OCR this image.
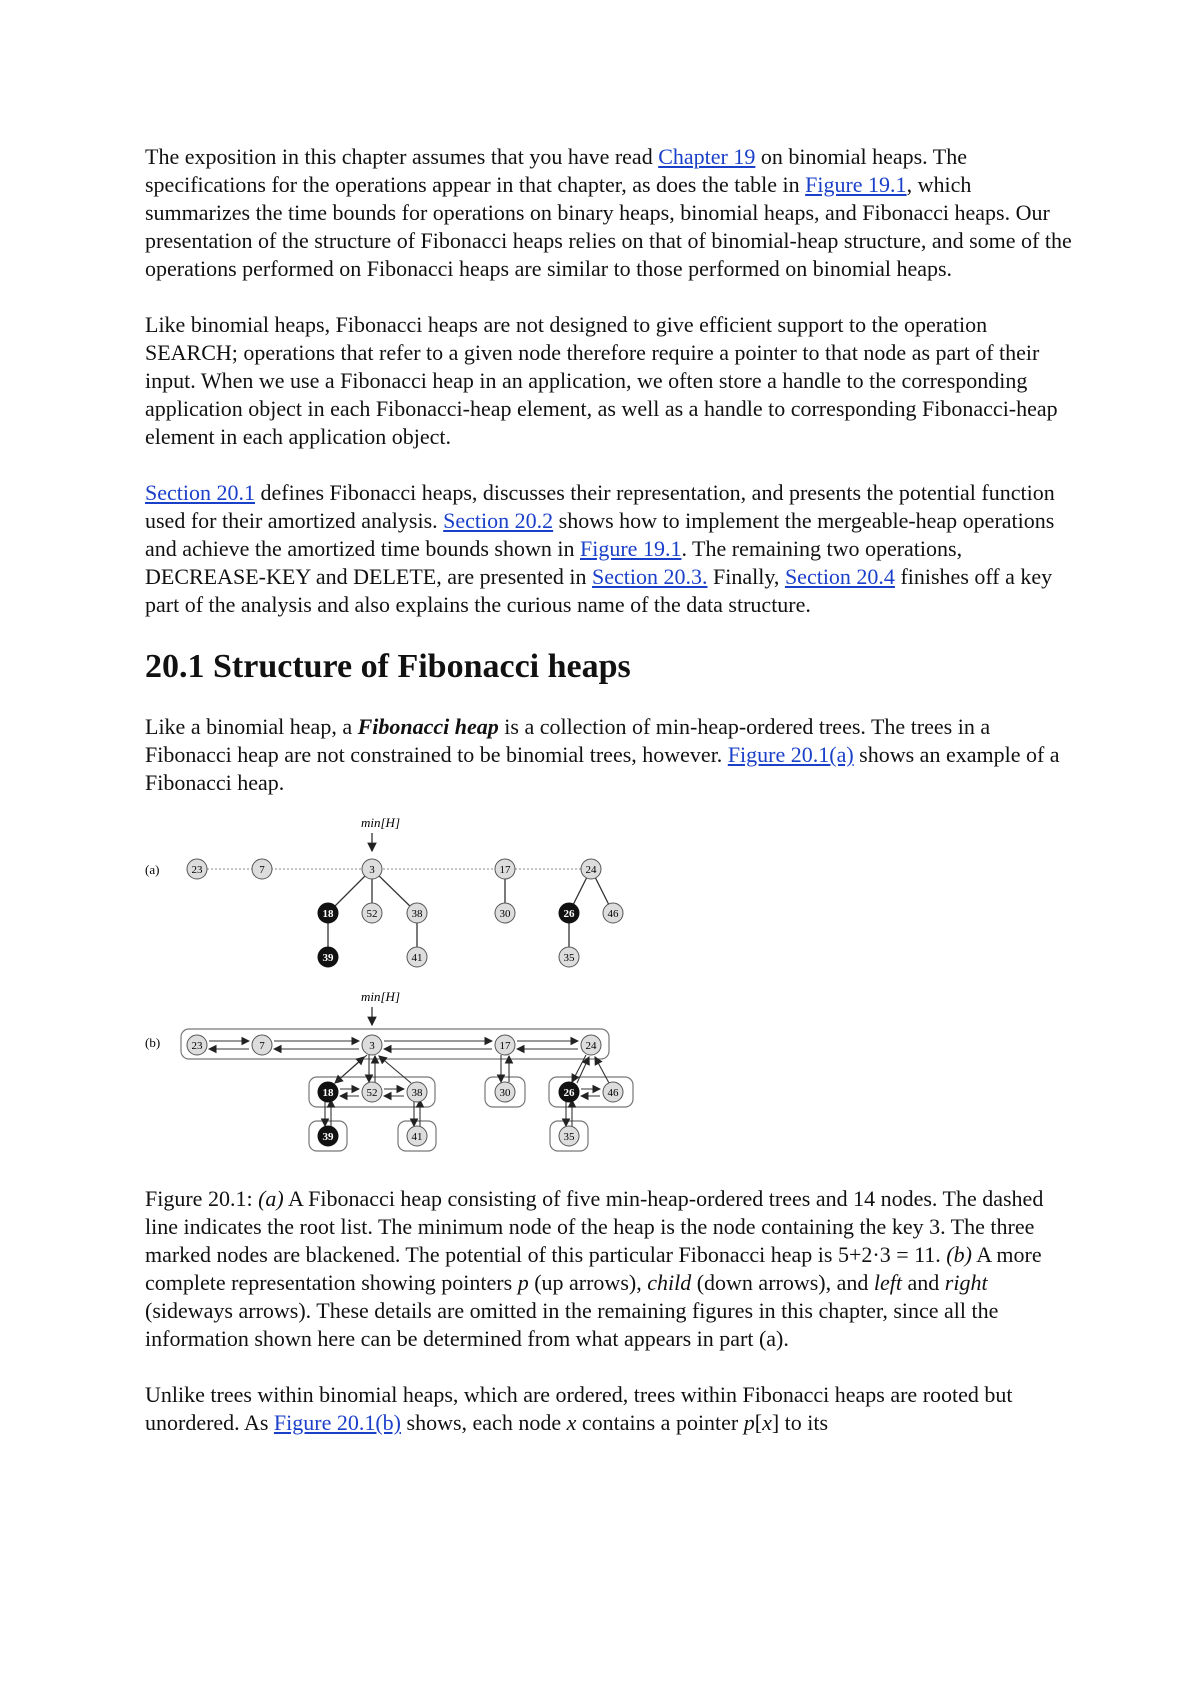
The exposition in this chapter assumes that you have read Chapter 19 on binomial heaps. The specifications for the operations appear in that chapter, as does the table in Figure 19.1, which summarizes the time bounds for operations on binary heaps, binomial heaps, and Fibonacci heaps. Our presentation of the structure of Fibonacci heaps relies on that of binomial-heap structure, and some of the operations performed on Fibonacci heaps are similar to those performed on binomial heaps.

Like binomial heaps, Fibonacci heaps are not designed to give efficient support to the operation SEARCH; operations that refer to a given node therefore require a pointer to that node as part of their input. When we use a Fibonacci heap in an application, we often store a handle to the corresponding application object in each Fibonacci-heap element, as well as a handle to corresponding Fibonacci-heap element in each application object.

Section 20.1 defines Fibonacci heaps, discusses their representation, and presents the potential function used for their amortized analysis. Section 20.2 shows how to implement the mergeable-heap operations and achieve the amortized time bounds shown in Figure 19.1. The remaining two operations, DECREASE-KEY and DELETE, are presented in Section 20.3. Finally, Section 20.4 finishes off a key part of the analysis and also explains the curious name of the data structure.

20.1 Structure of Fibonacci heaps

Like a binomial heap, a Fibonacci heap is a collection of min-heap-ordered trees. The trees in a Fibonacci heap are not constrained to be binomial trees, however. Figure 20.1(a) shows an example of a Fibonacci heap.

min[H]
(a)	23	7	3	17	24
18	52	38	30	26	46
39	41	35
min[H]
(b)	23	7	3	17	24
18	52	38	30	26	46
39	41	35

Figure 20.1: (a) A Fibonacci heap consisting of five min-heap-ordered trees and 14 nodes. The dashed line indicates the root list. The minimum node of the heap is the node containing the key 3. The three marked nodes are blackened. The potential of this particular Fibonacci heap is 5+2·3 = 11. (b) A more complete representation showing pointers p (up arrows), child (down arrows), and left and right (sideways arrows). These details are omitted in the remaining figures in this chapter, since all the information shown here can be determined from what appears in part (a).

Unlike trees within binomial heaps, which are ordered, trees within Fibonacci heaps are rooted but unordered. As Figure 20.1(b) shows, each node x contains a pointer p[x] to its
